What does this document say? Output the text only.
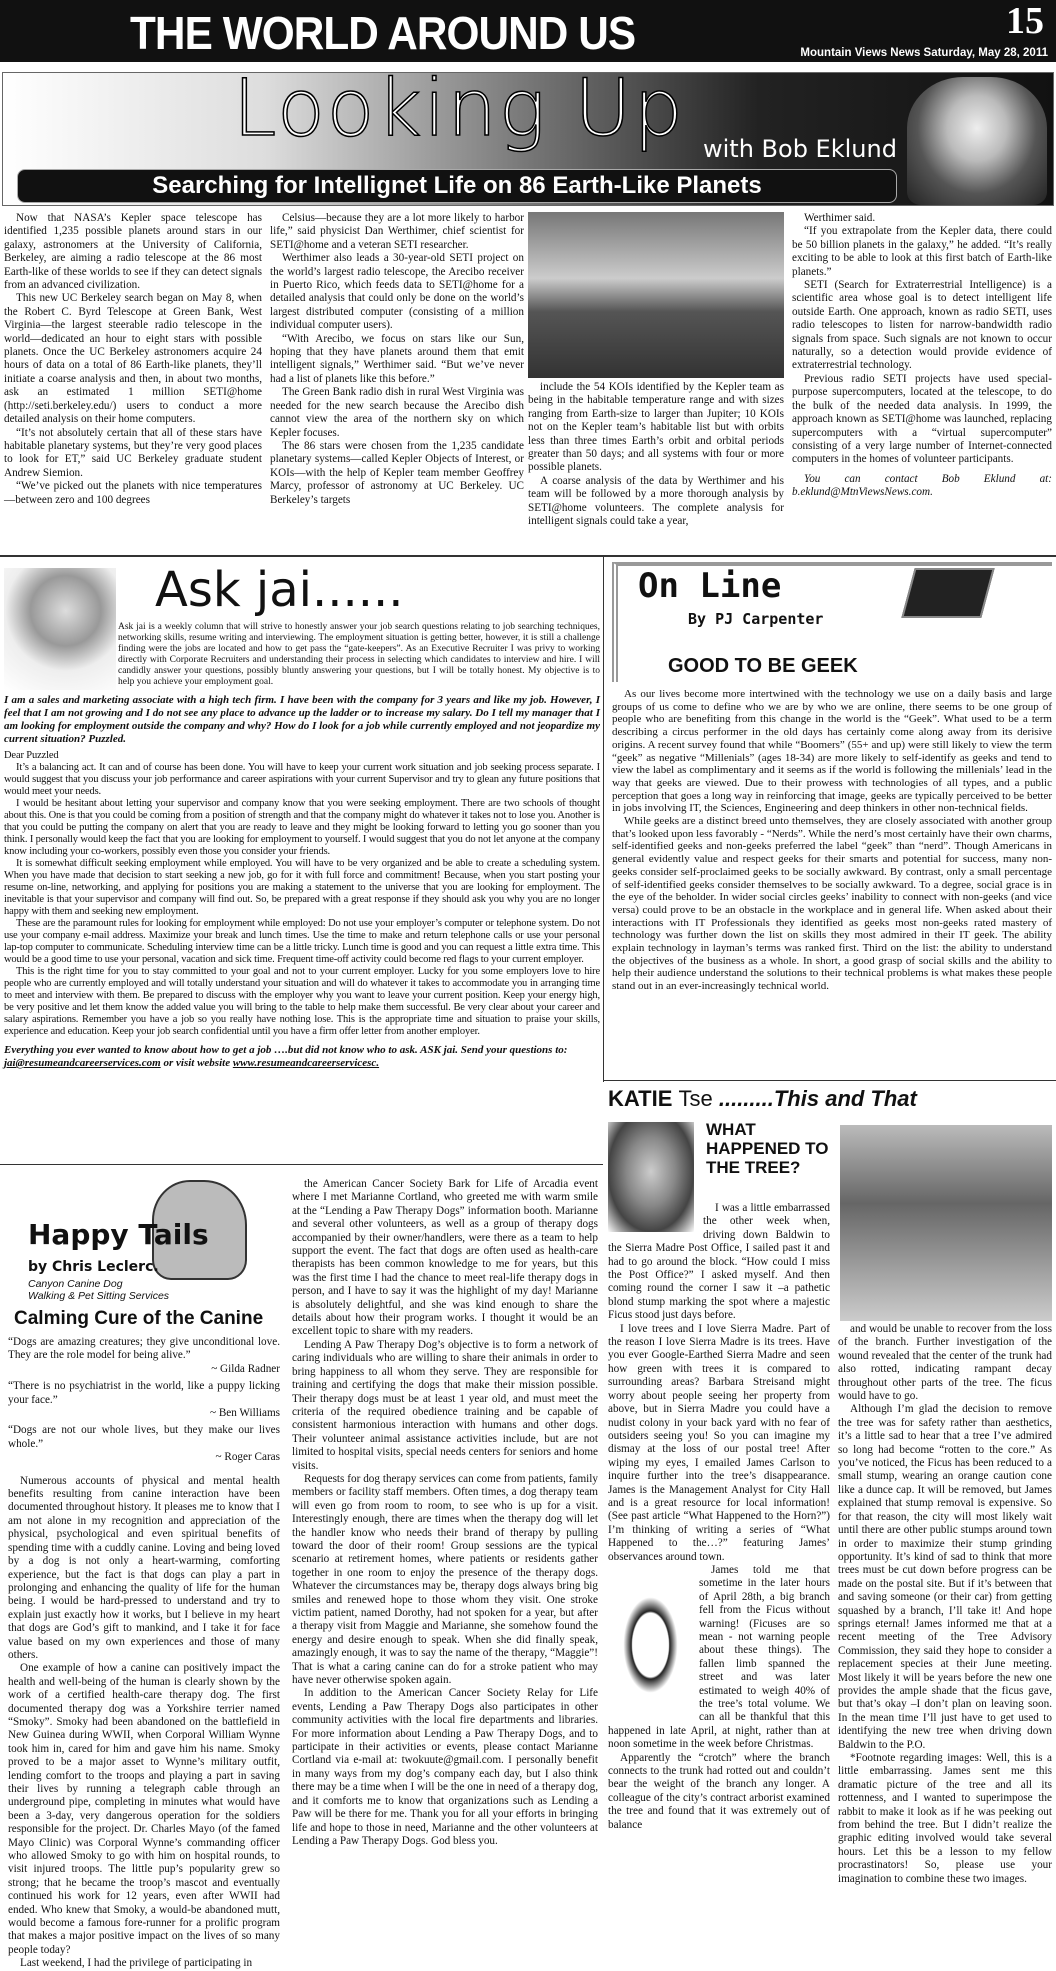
THE WORLD AROUND US	15
Mountain Views News Saturday, May 28, 2011
Looking Up with Bob Eklund
Searching for Intellignet Life on 86 Earth-Like Planets

Now that NASA’s Kepler space telescope has identified 1,235 possible planets around stars in our galaxy, astronomers at the University of California, Berkeley, are aiming a radio telescope at the 86 most Earth-like of these worlds to see if they can detect signals from an advanced civilization.

This new UC Berkeley search began on May 8, when the Robert C. Byrd Telescope at Green Bank, West Virginia—the largest steerable radio telescope in the world—dedicated an hour to eight stars with possible planets. Once the UC Berkeley astronomers acquire 24 hours of data on a total of 86 Earth-like planets, they’ll initiate a coarse analysis and then, in about two months, ask an estimated 1 million SETI@home (http://seti.berkeley.edu/) users to conduct a more detailed analysis on their home computers.

“It’s not absolutely certain that all of these stars have habitable planetary systems, but they’re very good places to look for ET,” said UC Berkeley graduate student Andrew Siemion.

“We’ve picked out the planets with nice temperatures—between zero and 100 degrees

Celsius—because they are a lot more likely to harbor life,” said physicist Dan Werthimer, chief scientist for SETI@home and a veteran SETI researcher.

Werthimer also leads a 30-year-old SETI project on the world’s largest radio telescope, the Arecibo receiver in Puerto Rico, which feeds data to SETI@home for a detailed analysis that could only be done on the world’s largest distributed computer (consisting of a million individual computer users).

“With Arecibo, we focus on stars like our Sun, hoping that they have planets around them that emit intelligent signals,” Werthimer said. “But we’ve never had a list of planets like this before.”

The Green Bank radio dish in rural West Virginia was needed for the new search because the Arecibo dish cannot view the area of the northern sky on which Kepler focuses.

The 86 stars were chosen from the 1,235 candidate planetary systems—called Kepler Objects of Interest, or KOIs—with the help of Kepler team member Geoffrey Marcy, professor of astronomy at UC Berkeley. UC Berkeley’s targets

include the 54 KOIs identified by the Kepler team as being in the habitable temperature range and with sizes ranging from Earth-size to larger than Jupiter; 10 KOIs not on the Kepler team’s habitable list but with orbits less than three times Earth’s orbit and orbital periods greater than 50 days; and all systems with four or more possible planets.

A coarse analysis of the data by Werthimer and his team will be followed by a more thorough analysis by SETI@home volunteers. The complete analysis for intelligent signals could take a year,

Werthimer said.

“If you extrapolate from the Kepler data, there could be 50 billion planets in the galaxy,” he added. “It’s really exciting to be able to look at this first batch of Earth-like planets.”

SETI (Search for Extraterrestrial Intelligence) is a scientific area whose goal is to detect intelligent life outside Earth. One approach, known as radio SETI, uses radio telescopes to listen for narrow-bandwidth radio signals from space. Such signals are not known to occur naturally, so a detection would provide evidence of extraterrestrial technology.

Previous radio SETI projects have used special-purpose supercomputers, located at the telescope, to do the bulk of the needed data analysis. In 1999, the approach known as SETI@home was launched, replacing supercomputers with a “virtual supercomputer” consisting of a very large number of Internet-connected computers in the homes of volunteer participants.

You can contact Bob Eklund at: b.eklund@MtnViewsNews.com.

Ask jai......
Ask jai is a weekly column that will strive to honestly answer your job search questions relating to job searching techniques, networking skills, resume writing and interviewing. The employment situation is getting better, however, it is still a challenge finding were the jobs are located and how to get pass the “gate-keepers”. As an Executive Recruiter I was privy to working directly with Corporate Recruiters and understanding their process in selecting which candidates to interview and hire. I will candidly answer your questions, possibly bluntly answering your questions, but I will be totally honest. My objective is to help you achieve your employment goal.
I am a sales and marketing associate with a high tech firm. I have been with the company for 3 years and like my job. However, I feel that I am not growing and I do not see any place to advance up the ladder or to increase my salary. Do I tell my manager that I am looking for employment outside the company and why? How do I look for a job while currently employed and not jeopardize my current situation? Puzzled.
Dear Puzzled

It’s a balancing act. It can and of course has been done. You will have to keep your current work situation and job seeking process separate. I would suggest that you discuss your job performance and career aspirations with your current Supervisor and try to glean any future positions that would meet your needs.

I would be hesitant about letting your supervisor and company know that you were seeking employment. There are two schools of thought about this. One is that you could be coming from a position of strength and that the company might do whatever it takes not to lose you. Another is that you could be putting the company on alert that you are ready to leave and they might be looking forward to letting you go sooner than you think. I personally would keep the fact that you are looking for employment to yourself. I would suggest that you do not let anyone at the company know including your co-workers, possibly even those you consider your friends.

It is somewhat difficult seeking employment while employed. You will have to be very organized and be able to create a scheduling system. When you have made that decision to start seeking a new job, go for it with full force and commitment! Because, when you start posting your resume on-line, networking, and applying for positions you are making a statement to the universe that you are looking for employment. The inevitable is that your supervisor and company will find out. So, be prepared with a great response if they should ask you why you are no longer happy with them and seeking new employment.

These are the paramount rules for looking for employment while employed: Do not use your employer’s computer or telephone system. Do not use your company e-mail address. Maximize your break and lunch times. Use the time to make and return telephone calls or use your personal lap-top computer to communicate. Scheduling interview time can be a little tricky. Lunch time is good and you can request a little extra time. This would be a good time to use your personal, vacation and sick time. Frequent time-off activity could become red flags to your current employer.

This is the right time for you to stay committed to your goal and not to your current employer. Lucky for you some employers love to hire people who are currently employed and will totally understand your situation and will do whatever it takes to accommodate you in arranging time to meet and interview with them. Be prepared to discuss with the employer why you want to leave your current position. Keep your energy high, be very positive and let them know the added value you will bring to the table to help make them successful. Be very clear about your career and salary aspirations. Remember you have a job so you really have nothing lose. This is the appropriate time and situation to praise your skills, experience and education. Keep your job search confidential until you have a firm offer letter from another employer.

Everything you ever wanted to know about how to get a job ….but did not know who to ask. ASK jai. Send your questions to: jai@resumeandcareerservices.com or visit website www.resumeandcareerservicesc.
On Line
By PJ Carpenter
GOOD TO BE GEEK

As our lives become more intertwined with the technology we use on a daily basis and large groups of us come to define who we are by who we are online, there seems to be one group of people who are benefiting from this change in the world is the “Geek”. What used to be a term describing a circus performer in the old days has certainly come along away from its derisive origins. A recent survey found that while “Boomers” (55+ and up) were still likely to view the term “geek” as negative “Millenials” (ages 18-34) are more likely to self-identify as geeks and tend to view the label as complimentary and it seems as if the world is following the millenials’ lead in the way that geeks are viewed. Due to their prowess with technologies of all types, and a public perception that goes a long way in reinforcing that image, geeks are typically perceived to be better in jobs involving IT, the Sciences, Engineering and deep thinkers in other non-technical fields.

While geeks are a distinct breed unto themselves, they are closely associated with another group that’s looked upon less favorably - “Nerds”. While the nerd’s most certainly have their own charms, self-identified geeks and non-geeks preferred the label “geek” than “nerd”. Though Americans in general evidently value and respect geeks for their smarts and potential for success, many non-geeks consider self-proclaimed geeks to be socially awkward. By contrast, only a small percentage of self-identified geeks consider themselves to be socially awkward. To a degree, social grace is in the eye of the beholder. In wider social circles geeks’ inability to connect with non-geeks (and vice versa) could prove to be an obstacle in the workplace and in general life. When asked about their interactions with IT Professionals they identified as geeks most non-geeks rated mastery of technology was further down the list on skills they most admired in their IT geek. The ability explain technology in layman’s terms was ranked first. Third on the list: the ability to understand the objectives of the business as a whole. In short, a good grasp of social skills and the ability to help their audience understand the solutions to their technical problems is what makes these people stand out in an ever-increasingly technical world.

KATIE Tse .........This and That
WHAT HAPPENED TO THE TREE?

I was a little embarrassed the other week when, driving down Baldwin to the Sierra Madre Post Office, I sailed past it and had to go around the block. “How could I miss the Post Office?” I asked myself. And then coming round the corner I saw it –a pathetic blond stump marking the spot where a majestic Ficus stood just days before.

I love trees and I love Sierra Madre. Part of the reason I love Sierra Madre is its trees. Have you ever Google-Earthed Sierra Madre and seen how green with trees it is compared to surrounding areas? Barbara Streisand might worry about people seeing her property from above, but in Sierra Madre you could have a nudist colony in your back yard with no fear of outsiders seeing you! So you can imagine my dismay at the loss of our postal tree! After wiping my eyes, I emailed James Carlson to inquire further into the tree’s disappearance. James is the Management Analyst for City Hall and is a great resource for local information! (See past article “What Happened to the Horn?”) I’m thinking of writing a series of “What Happened to the…?” featuring James’ observances around town.

James told me that sometime in the later hours of April 28th, a big branch fell from the Ficus without warning! (Ficuses are so mean - not warning people about these things). The fallen limb spanned the street and was later estimated to weigh 40% of the tree’s total volume. We can all be thankful that this happened in late April, at night, rather than at noon sometime in the week before Christmas.

Apparently the “crotch” where the branch connects to the trunk had rotted out and couldn’t bear the weight of the branch any longer. A colleague of the city’s contract arborist examined the tree and found that it was extremely out of balance

and would be unable to recover from the loss of the branch. Further investigation of the wound revealed that the center of the trunk had also rotted, indicating rampant decay throughout other parts of the tree. The ficus would have to go.

Although I’m glad the decision to remove the tree was for safety rather than aesthetics, it’s a little sad to hear that a tree I’ve admired so long had become “rotten to the core.” As you’ve noticed, the Ficus has been reduced to a small stump, wearing an orange caution cone like a dunce cap. It will be removed, but James explained that stump removal is expensive. So for that reason, the city will most likely wait until there are other public stumps around town in order to maximize their stump grinding opportunity. It’s kind of sad to think that more trees must be cut down before progress can be made on the postal site. But if it’s between that and saving someone (or their car) from getting squashed by a branch, I’ll take it! And hope springs eternal! James informed me that at a recent meeting of the Tree Advisory Commission, they said they hope to consider a replacement species at their June meeting. Most likely it will be years before the new one provides the ample shade that the ficus gave, but that’s okay –I don’t plan on leaving soon. In the mean time I’ll just have to get used to identifying the new tree when driving down Baldwin to the P.O.

*Footnote regarding images: Well, this is a little embarrassing. James sent me this dramatic picture of the tree and all its rottenness, and I wanted to superimpose the rabbit to make it look as if he was peeking out from behind the tree. But I didn’t realize the graphic editing involved would take several hours. Let this be a lesson to my fellow procrastinators! So, please use your imagination to combine these two images.

Happy Tails
by Chris Leclerc.
Canyon Canine Dog
Walking & Pet Sitting Services
Calming Cure of the Canine

“Dogs are amazing creatures; they give unconditional love. They are the role model for being alive.”

~ Gilda Radner

“There is no psychiatrist in the world, like a puppy licking your face.”

~ Ben Williams

“Dogs are not our whole lives, but they make our lives whole.”

~ Roger Caras

Numerous accounts of physical and mental health benefits resulting from canine interaction have been documented throughout history. It pleases me to know that I am not alone in my recognition and appreciation of the physical, psychological and even spiritual benefits of spending time with a cuddly canine. Loving and being loved by a dog is not only a heart-warming, comforting experience, but the fact is that dogs can play a part in prolonging and enhancing the quality of life for the human being. I would be hard-pressed to understand and try to explain just exactly how it works, but I believe in my heart that dogs are God’s gift to mankind, and I take it for face value based on my own experiences and those of many others.

One example of how a canine can positively impact the health and well-being of the human is clearly shown by the work of a certified health-care therapy dog. The first documented therapy dog was a Yorkshire terrier named “Smoky”. Smoky had been abandoned on the battlefield in New Guinea during WWII, when Corporal William Wynne took him in, cared for him and gave him his name. Smoky proved to be a major asset to Wynne’s military outfit, lending comfort to the troops and playing a part in saving their lives by running a telegraph cable through an underground pipe, completing in minutes what would have been a 3-day, very dangerous operation for the soldiers responsible for the project. Dr. Charles Mayo (of the famed Mayo Clinic) was Corporal Wynne’s commanding officer who allowed Smoky to go with him on hospital rounds, to visit injured troops. The little pup’s popularity grew so strong; that he became the troop’s mascot and eventually continued his work for 12 years, even after WWII had ended. Who knew that Smoky, a would-be abandoned mutt, would become a famous fore-runner for a prolific program that makes a major positive impact on the lives of so many people today?

Last weekend, I had the privilege of participating in

the American Cancer Society Bark for Life of Arcadia event where I met Marianne Cortland, who greeted me with warm smile at the “Lending a Paw Therapy Dogs” information booth. Marianne and several other volunteers, as well as a group of therapy dogs accompanied by their owner/handlers, were there as a team to help support the event. The fact that dogs are often used as health-care therapists has been common knowledge to me for years, but this was the first time I had the chance to meet real-life therapy dogs in person, and I have to say it was the highlight of my day! Marianne is absolutely delightful, and she was kind enough to share the details about how their program works. I thought it would be an excellent topic to share with my readers.

Lending A Paw Therapy Dog’s objective is to form a network of caring individuals who are willing to share their animals in order to bring happiness to all whom they serve. They are responsible for training and certifying the dogs that make their mission possible. Their therapy dogs must be at least 1 year old, and must meet the criteria of the required obedience training and be capable of consistent harmonious interaction with humans and other dogs. Their volunteer animal assistance activities include, but are not limited to hospital visits, special needs centers for seniors and home visits.

Requests for dog therapy services can come from patients, family members or facility staff members. Often times, a dog therapy team will even go from room to room, to see who is up for a visit. Interestingly enough, there are times when the therapy dog will let the handler know who needs their brand of therapy by pulling toward the door of their room! Group sessions are the typical scenario at retirement homes, where patients or residents gather together in one room to enjoy the presence of the therapy dogs. Whatever the circumstances may be, therapy dogs always bring big smiles and renewed hope to those whom they visit. One stroke victim patient, named Dorothy, had not spoken for a year, but after a therapy visit from Maggie and Marianne, she somehow found the energy and desire enough to speak. When she did finally speak, amazingly enough, it was to say the name of the therapy, “Maggie”! That is what a caring canine can do for a stroke patient who may have never otherwise spoken again.

In addition to the American Cancer Society Relay for Life events, Lending a Paw Therapy Dogs also participates in other community activities with the local fire departments and libraries. For more information about Lending a Paw Therapy Dogs, and to participate in their activities or events, please contact Marianne Cortland via e-mail at: twokuute@gmail.com. I personally benefit in many ways from my dog’s company each day, but I also think there may be a time when I will be the one in need of a therapy dog, and it comforts me to know that organizations such as Lending a Paw will be there for me. Thank you for all your efforts in bringing life and hope to those in need, Marianne and the other volunteers at Lending a Paw Therapy Dogs. God bless you.
